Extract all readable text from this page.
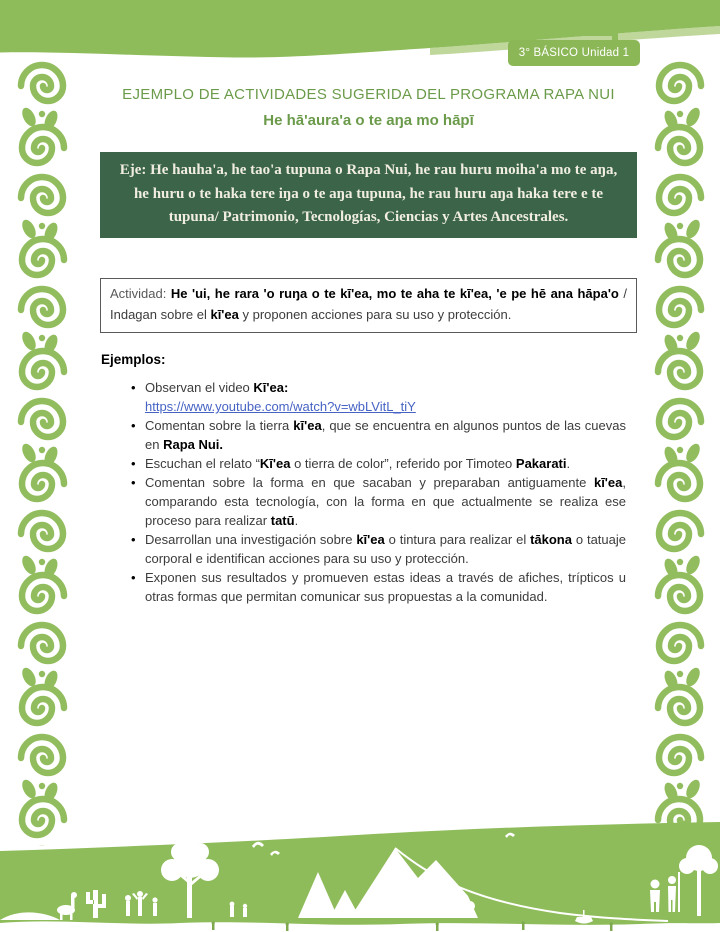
3° BÁSICO Unidad 1
EJEMPLO DE ACTIVIDADES SUGERIDA DEL PROGRAMA RAPA NUI
He hā'aura'a o te aŋa mo hāpī
Eje: He hauha'a, he tao'a tupuna o Rapa Nui, he rau huru moiha'a mo te aŋa, he huru o te haka tere iŋa o te aŋa tupuna, he rau huru aŋa haka tere e te tupuna/ Patrimonio, Tecnologías, Ciencias y Artes Ancestrales.
Actividad: He 'ui, he rara 'o ruŋa o te kī'ea, mo te aha te kī'ea, 'e pe hē ana hāpa'o / Indagan sobre el kī'ea y proponen acciones para su uso y protección.
Ejemplos:
• Observan el video Kī'ea:
https://www.youtube.com/watch?v=wbLVitL_tiY
• Comentan sobre la tierra kī'ea, que se encuentra en algunos puntos de las cuevas en Rapa Nui.
• Escuchan el relato “Kī'ea o tierra de color”, referido por Timoteo Pakarati.
• Comentan sobre la forma en que sacaban y preparaban antiguamente kī'ea, comparando esta tecnología, con la forma en que actualmente se realiza ese proceso para realizar tatū.
• Desarrollan una investigación sobre kī'ea o tintura para realizar el tākona o tatuaje corporal e identifican acciones para su uso y protección.
• Exponen sus resultados y promueven estas ideas a través de afiches, trípticos u otras formas que permitan comunicar sus propuestas a la comunidad.
